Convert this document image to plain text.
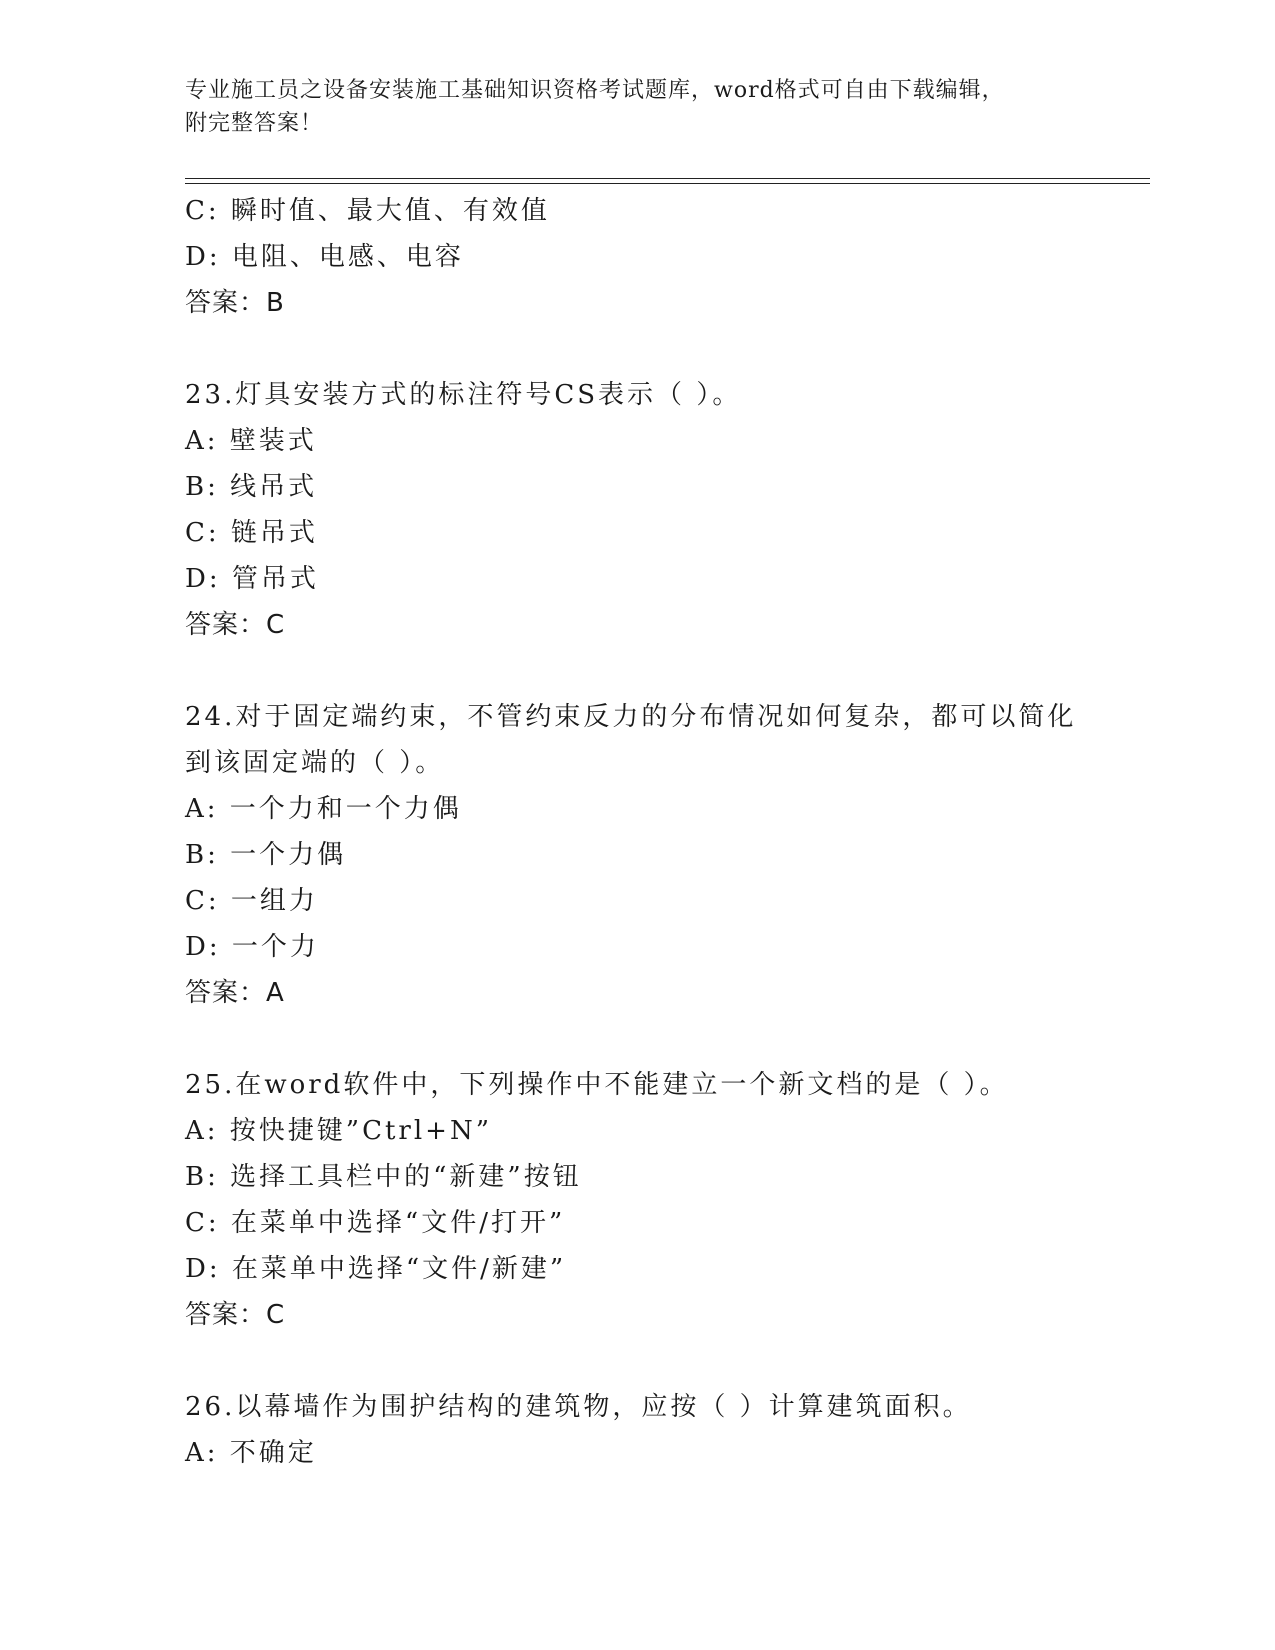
专业施工员之设备安装施工基础知识资格考试题库，word格式可自由下载编辑，
附完整答案！
C: 瞬时值、最大值、有效值
D: 电阻、电感、电容
答案：B
23.灯具安装方式的标注符号CS表示（ ）。
A: 壁装式
B: 线吊式
C: 链吊式
D: 管吊式
答案：C
24.对于固定端约束，不管约束反力的分布情况如何复杂，都可以简化
到该固定端的（ ）。
A: 一个力和一个力偶
B: 一个力偶
C: 一组力
D: 一个力
答案：A
25.在word软件中，下列操作中不能建立一个新文档的是（ ）。
A: 按快捷键”Ctrl+N”
B: 选择工具栏中的“新建”按钮
C: 在菜单中选择“文件/打开”
D: 在菜单中选择“文件/新建”
答案：C
26.以幕墙作为围护结构的建筑物，应按（ ）计算建筑面积。
A: 不确定
